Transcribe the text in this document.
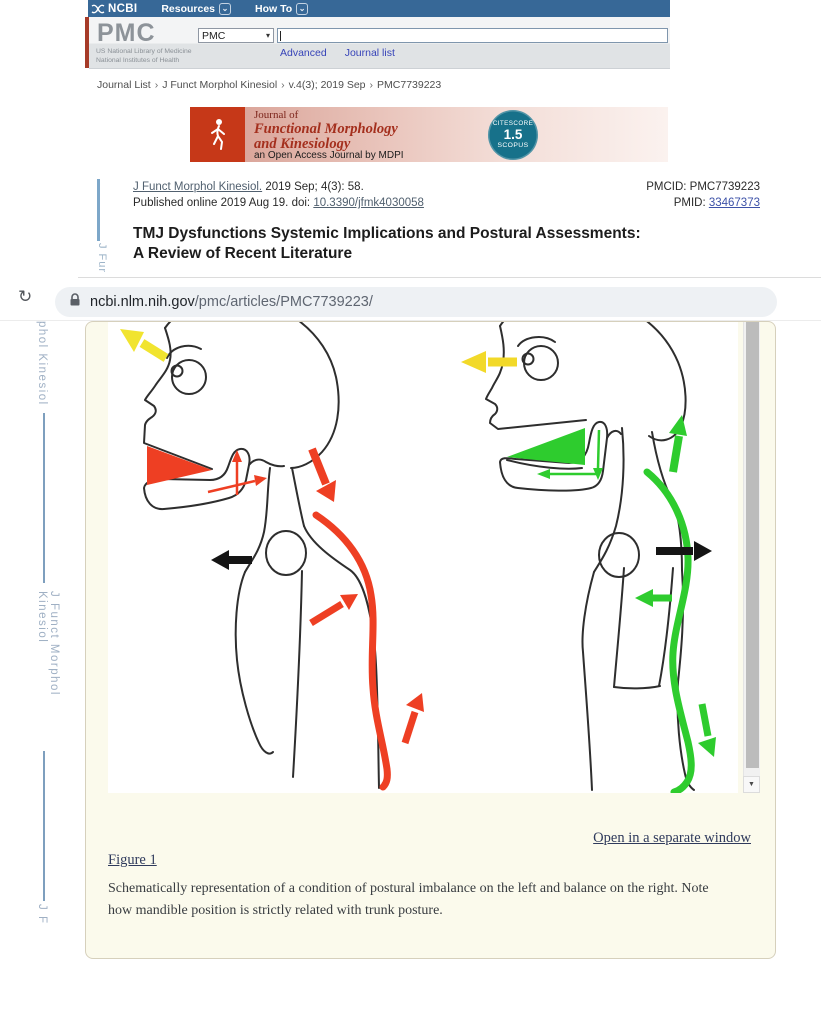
NCBI Resources ⌄	How To ⌄
PMC
US National Library of Medicine
National Institutes of Health
PMC	▾
Advanced Journal list
Journal List › J Funct Morphol Kinesiol › v.4(3); 2019 Sep › PMC7739223
Journal of
Functional Morphology
and Kinesiology
an Open Access Journal by MDPI
CITESCORE
1.5
SCOPUS
J Fur
J Funct Morphol Kinesiol. 2019 Sep; 4(3): 58.
Published online 2019 Aug 19. doi: 10.3390/jfmk4030058
PMCID: PMC7739223
PMID: 33467373
TMJ Dysfunctions Systemic Implications and Postural Assessments:
A Review of Recent Literature
↻	ncbi.nlm.nih.gov/pmc/articles/PMC7739223/
phol Kinesiol
J Funct Morphol Kinesiol
J F
▼
Open in a separate window
Figure 1
Schematically representation of a condition of postural imbalance on the left and balance on the right. Note
how mandible position is strictly related with trunk posture.
